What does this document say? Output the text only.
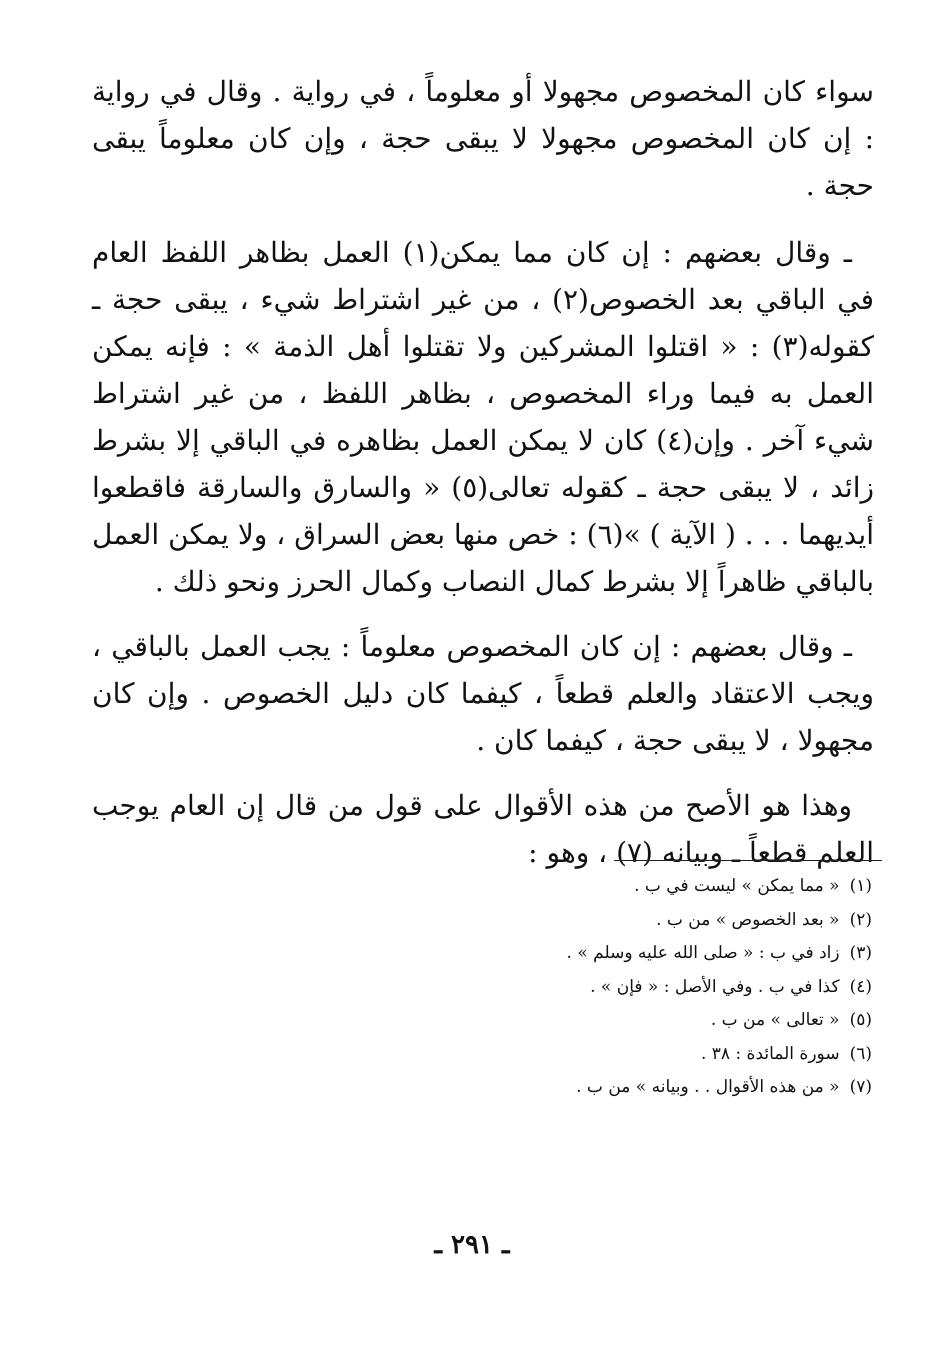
سواء كان المخصوص مجهولا أو معلوماً ، في رواية . وقال في رواية : إن كان المخصوص مجهولا لا يبقى حجة ، وإن كان معلوماً يبقى حجة .

ـ وقال بعضهم : إن كان مما يمكن(١) العمل بظاهر اللفظ العام في الباقي بعد الخصوص(٢) ، من غير اشتراط شيء ، يبقى حجة ـ كقوله(٣) : « اقتلوا المشركين ولا تقتلوا أهل الذمة » : فإنه يمكن العمل به فيما وراء المخصوص ، بظاهر اللفظ ، من غير اشتراط شيء آخر . وإن(٤) كان لا يمكن العمل بظاهره في الباقي إلا بشرط زائد ، لا يبقى حجة ـ كقوله تعالى(٥) « والسارق والسارقة فاقطعوا أيديهما . . . ( الآية ) »(٦) : خص منها بعض السراق ، ولا يمكن العمل بالباقي ظاهراً إلا بشرط كمال النصاب وكمال الحرز ونحو ذلك .

ـ وقال بعضهم : إن كان المخصوص معلوماً : يجب العمل بالباقي ، ويجب الاعتقاد والعلم قطعاً ، كيفما كان دليل الخصوص . وإن كان مجهولا ، لا يبقى حجة ، كيفما كان .

وهذا هو الأصح من هذه الأقوال على قول من قال إن العام يوجب العلم قطعاً ـ وبيانه (٧) ، وهو :

(١)« مما يمكن » ليست في ب .
(٢)« بعد الخصوص » من ب .
(٣)زاد في ب : « صلى الله عليه وسلم » .
(٤)كذا في ب . وفي الأصل : « فإن » .
(٥)« تعالى » من ب .
(٦)سورة المائدة : ٣٨ .
(٧)« من هذه الأقوال . . وبيانه » من ب .
ـ ٢٩١ ـ
